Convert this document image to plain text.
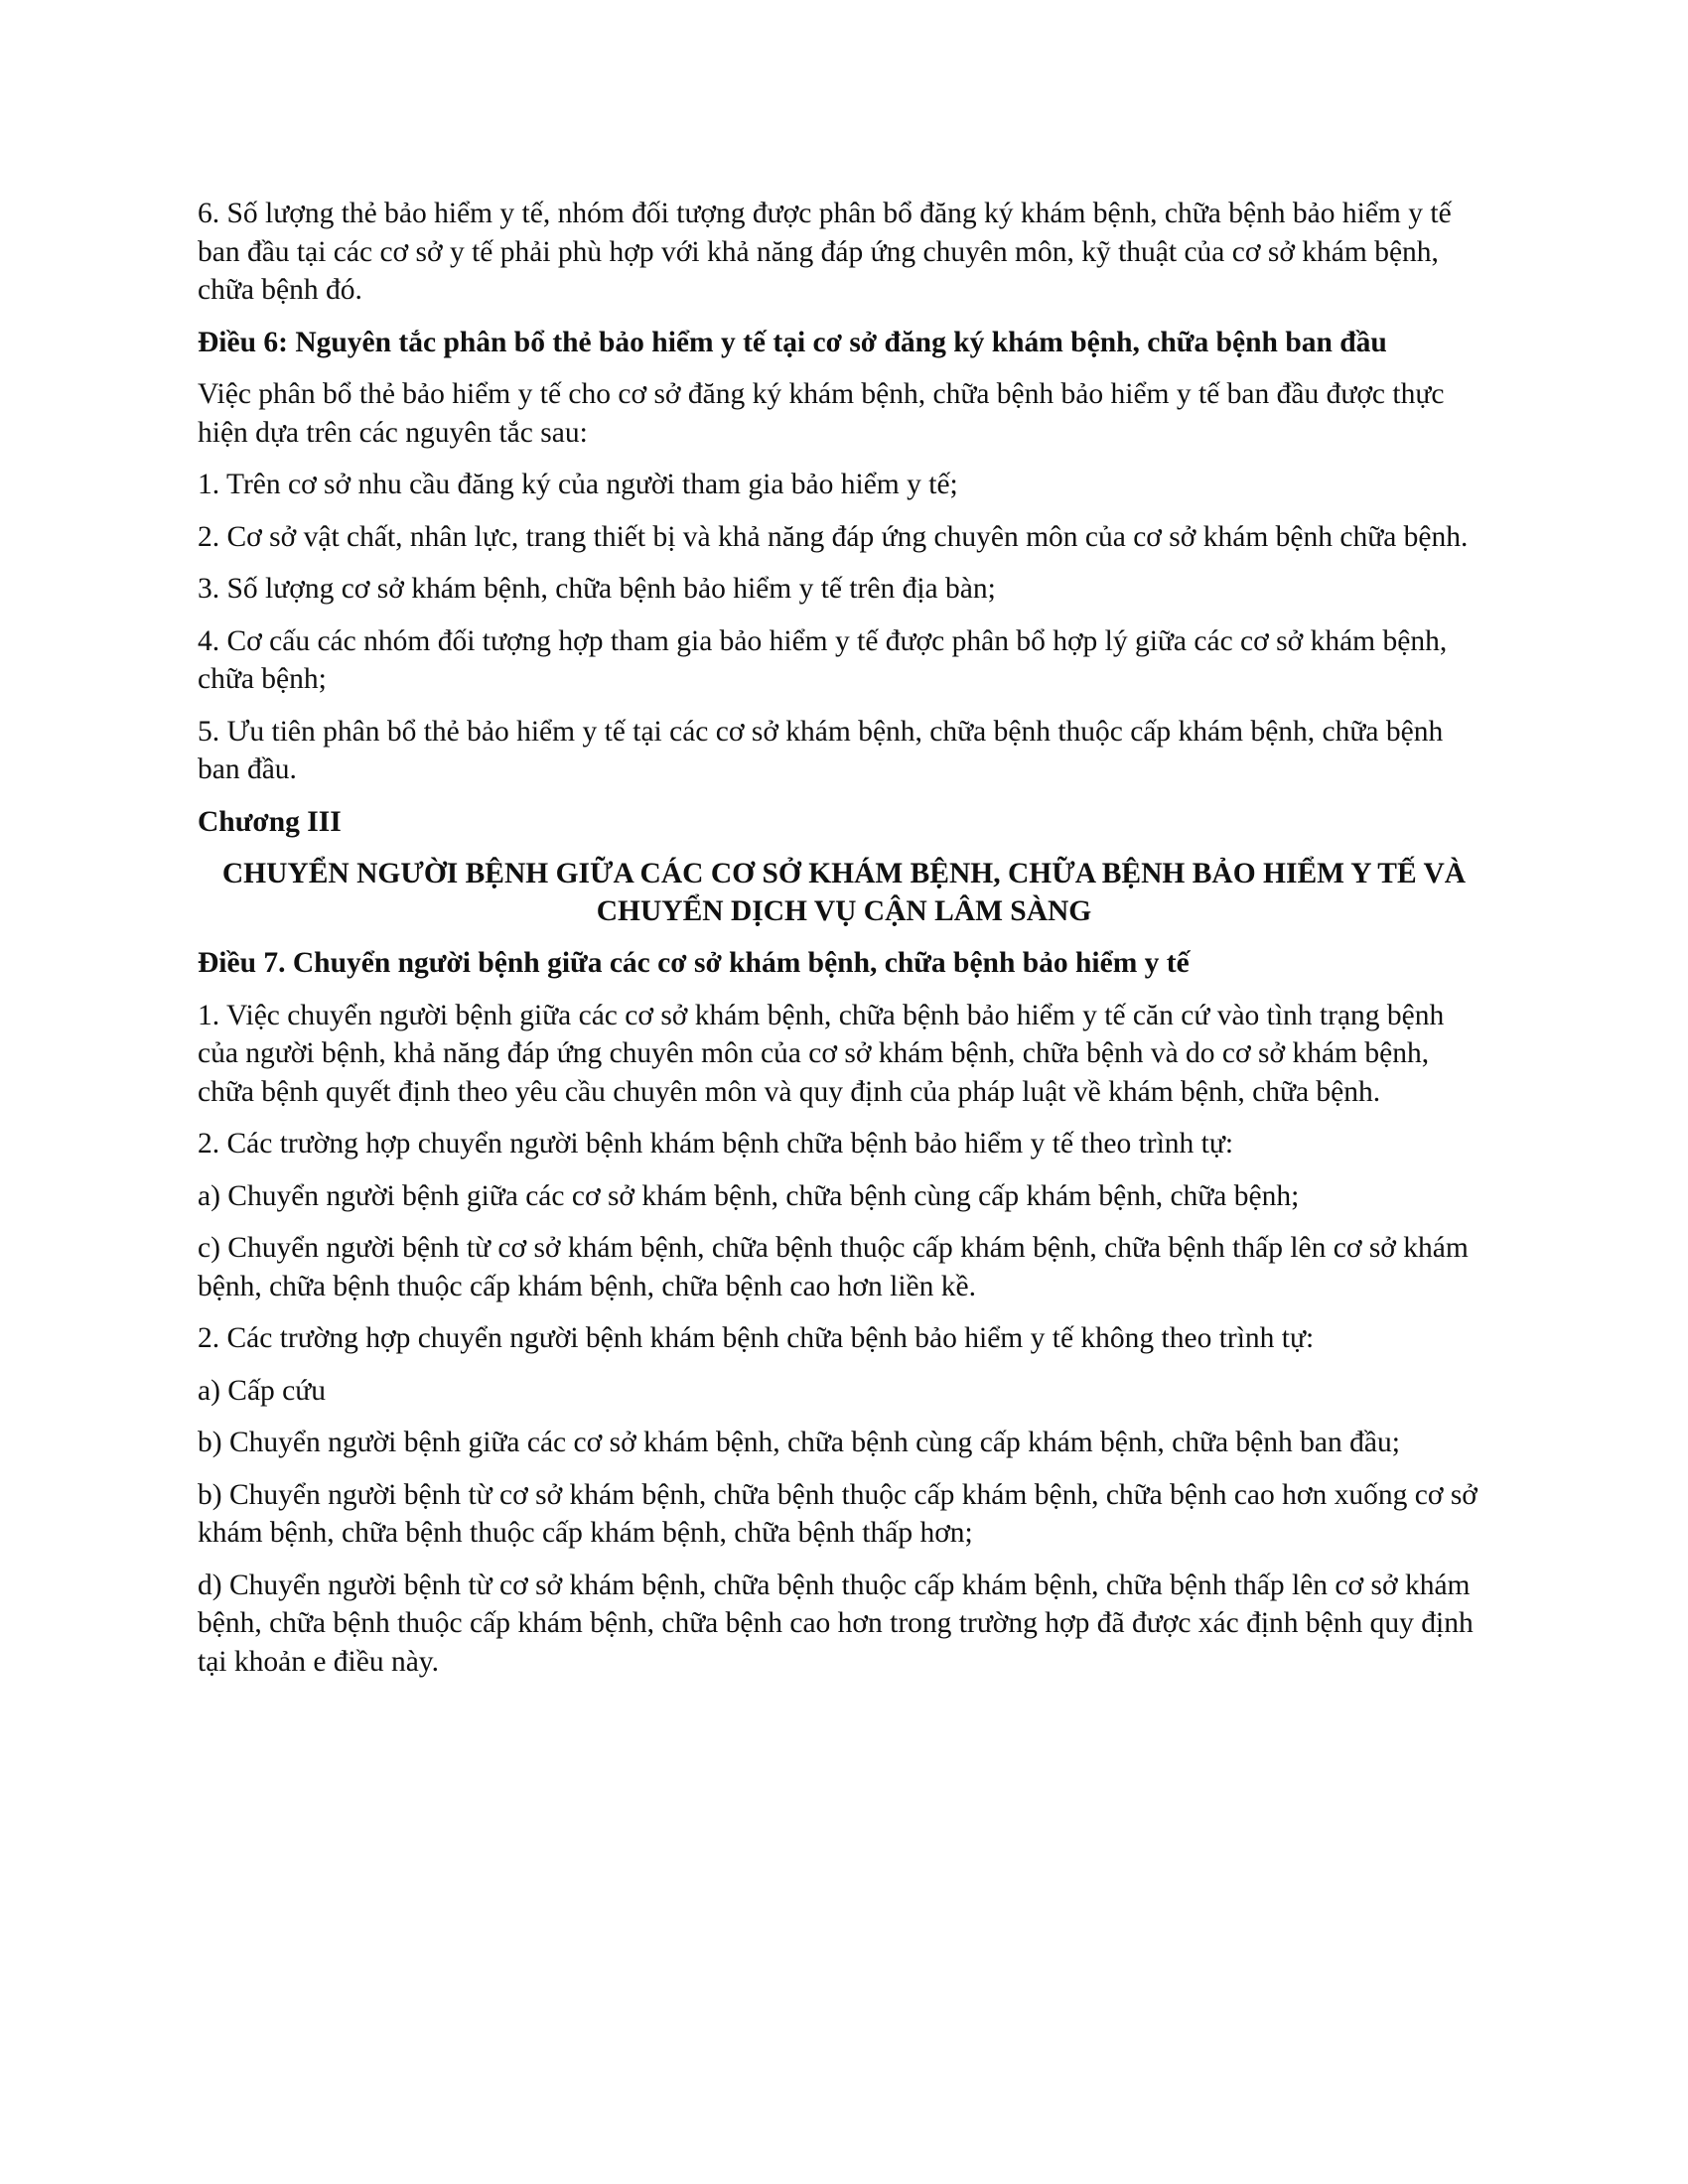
6. Số lượng thẻ bảo hiểm y tế, nhóm đối tượng được phân bổ đăng ký khám bệnh, chữa bệnh bảo hiểm y tế ban đầu tại các cơ sở y tế phải phù hợp với khả năng đáp ứng chuyên môn, kỹ thuật của cơ sở khám bệnh, chữa bệnh đó.

Điều 6: Nguyên tắc phân bổ thẻ bảo hiểm y tế tại cơ sở đăng ký khám bệnh, chữa bệnh ban đầu

Việc phân bổ thẻ bảo hiểm y tế cho cơ sở đăng ký khám bệnh, chữa bệnh bảo hiểm y tế ban đầu được thực hiện dựa trên các nguyên tắc sau:

1. Trên cơ sở nhu cầu đăng ký của người tham gia bảo hiểm y tế;

2. Cơ sở vật chất, nhân lực, trang thiết bị và khả năng đáp ứng chuyên môn của cơ sở khám bệnh chữa bệnh.

3. Số lượng cơ sở khám bệnh, chữa bệnh bảo hiểm y tế trên địa bàn;

4. Cơ cấu các nhóm đối tượng hợp tham gia bảo hiểm y tế được phân bổ hợp lý giữa các cơ sở khám bệnh, chữa bệnh;

5. Ưu tiên phân bổ thẻ bảo hiểm y tế tại các cơ sở khám bệnh, chữa bệnh thuộc cấp khám bệnh, chữa bệnh ban đầu.

Chương III

CHUYỂN NGƯỜI BỆNH GIỮA CÁC CƠ SỞ KHÁM BỆNH, CHỮA BỆNH BẢO HIỂM Y TẾ VÀ CHUYỂN DỊCH VỤ CẬN LÂM SÀNG

Điều 7. Chuyển người bệnh giữa các cơ sở khám bệnh, chữa bệnh bảo hiểm y tế

1. Việc chuyển người bệnh giữa các cơ sở khám bệnh, chữa bệnh bảo hiểm y tế căn cứ vào tình trạng bệnh của người bệnh, khả năng đáp ứng chuyên môn của cơ sở khám bệnh, chữa bệnh và do cơ sở khám bệnh, chữa bệnh quyết định theo yêu cầu chuyên môn và quy định của pháp luật về khám bệnh, chữa bệnh.

2. Các trường hợp chuyển người bệnh khám bệnh chữa bệnh bảo hiểm y tế theo trình tự:

a) Chuyển người bệnh giữa các cơ sở khám bệnh, chữa bệnh cùng cấp khám bệnh, chữa bệnh;

c) Chuyển người bệnh từ cơ sở khám bệnh, chữa bệnh thuộc cấp khám bệnh, chữa bệnh thấp lên cơ sở khám bệnh, chữa bệnh thuộc cấp khám bệnh, chữa bệnh cao hơn liền kề.

2. Các trường hợp chuyển người bệnh khám bệnh chữa bệnh bảo hiểm y tế không theo trình tự:

a) Cấp cứu

b) Chuyển người bệnh giữa các cơ sở khám bệnh, chữa bệnh cùng cấp khám bệnh, chữa bệnh ban đầu;

b) Chuyển người bệnh từ cơ sở khám bệnh, chữa bệnh thuộc cấp khám bệnh, chữa bệnh cao hơn xuống cơ sở khám bệnh, chữa bệnh thuộc cấp khám bệnh, chữa bệnh thấp hơn;

d) Chuyển người bệnh từ cơ sở khám bệnh, chữa bệnh thuộc cấp khám bệnh, chữa bệnh thấp lên cơ sở khám bệnh, chữa bệnh thuộc cấp khám bệnh, chữa bệnh cao hơn trong trường hợp đã được xác định bệnh quy định tại khoản e điều này.
